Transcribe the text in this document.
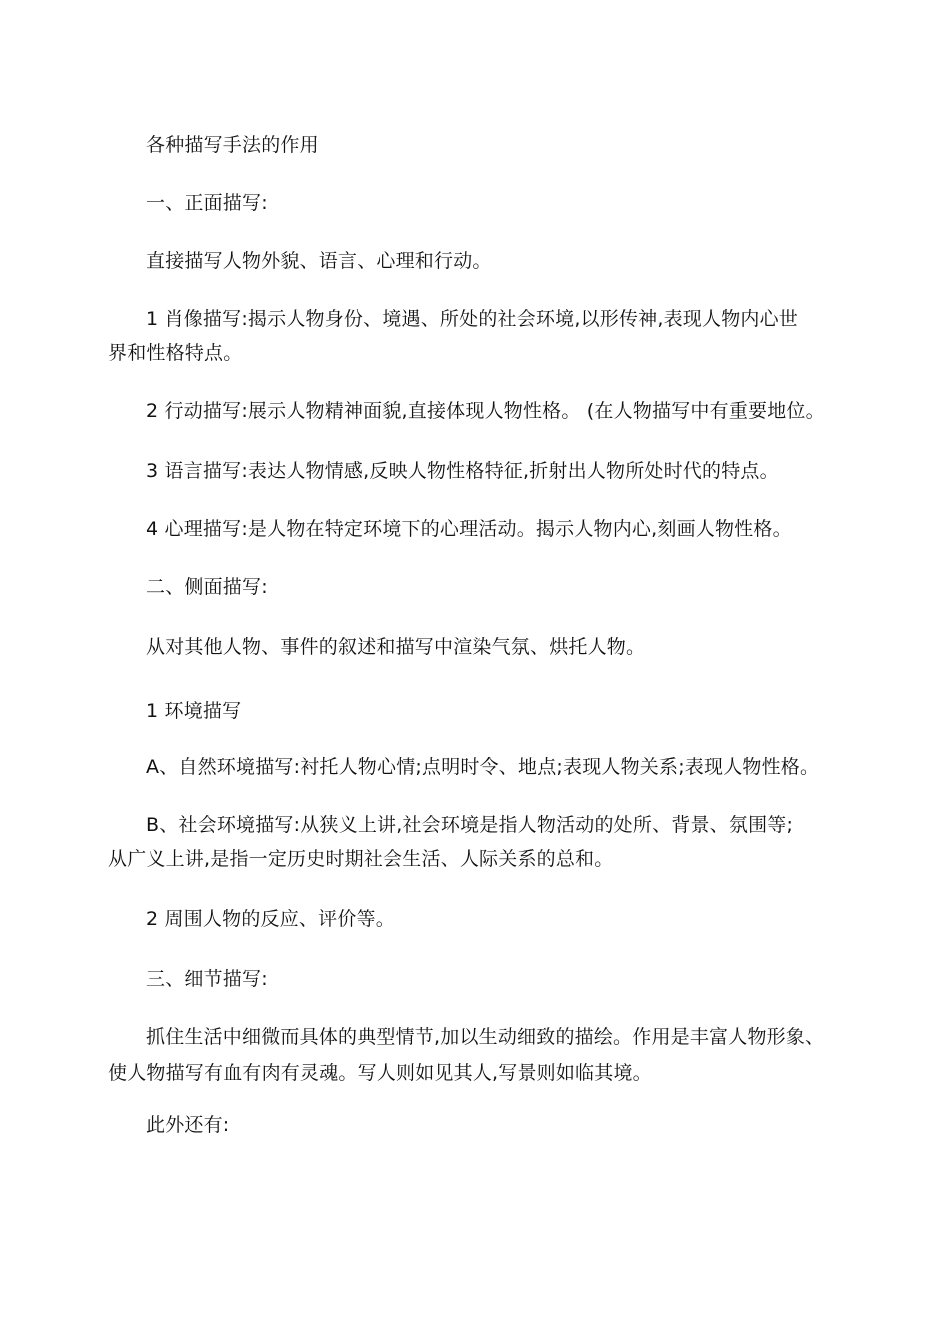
各种描写手法的作用
一、正面描写:
直接描写人物外貌、语言、心理和行动。
1 肖像描写:揭示人物身份、境遇、所处的社会环境,以形传神,表现人物内心世
界和性格特点。
2 行动描写:展示人物精神面貌,直接体现人物性格。 (在人物描写中有重要地位。
3 语言描写:表达人物情感,反映人物性格特征,折射出人物所处时代的特点。
4 心理描写:是人物在特定环境下的心理活动。揭示人物内心,刻画人物性格。
二、侧面描写:
从对其他人物、事件的叙述和描写中渲染气氛、烘托人物。
1 环境描写
A、自然环境描写:衬托人物心情;点明时令、地点;表现人物关系;表现人物性格。
B、社会环境描写:从狭义上讲,社会环境是指人物活动的处所、背景、氛围等;
从广义上讲,是指一定历史时期社会生活、人际关系的总和。
2 周围人物的反应、评价等。
三、细节描写:
抓住生活中细微而具体的典型情节,加以生动细致的描绘。作用是丰富人物形象、
使人物描写有血有肉有灵魂。写人则如见其人,写景则如临其境。
此外还有:
